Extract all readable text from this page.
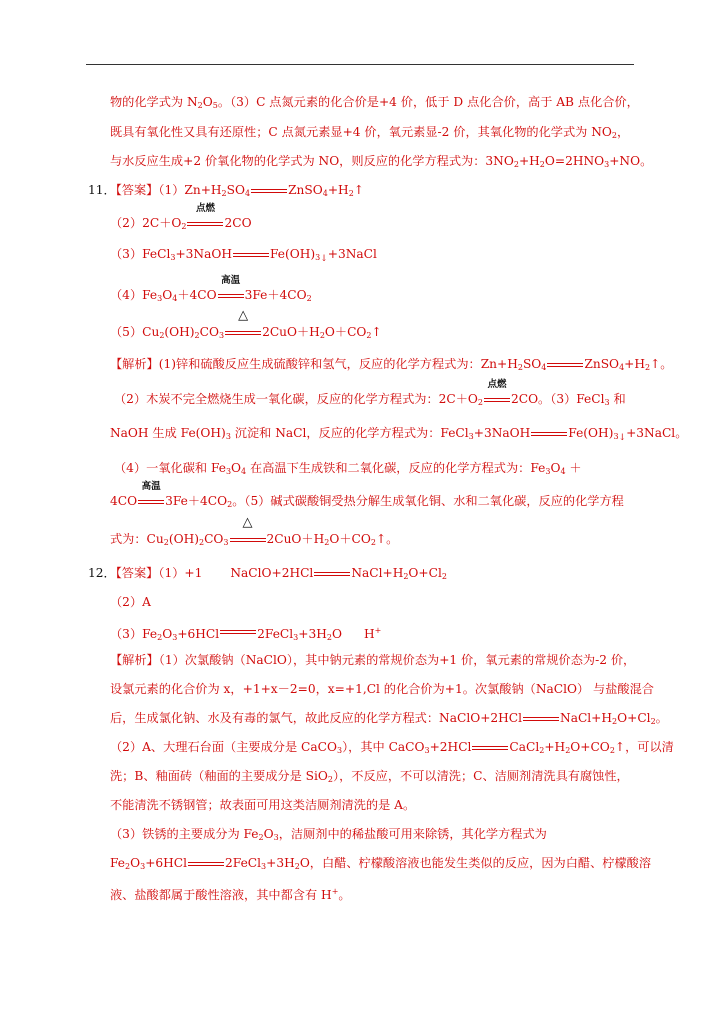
物的化学式为 $N_2O_5$。（3）C 点氮元素的化合价是+4 价，低于 D 点化合价，高于 AB 点化合价，
既具有氧化性又具有还原性；C 点氮元素显+4 价，氧元素显-2 价，其氧化物的化学式为 $NO_2$，
与水反应生成+2 价氧化物的化学式为 NO，则反应的化学方程式为：$3NO_2+H_2O=2HNO_3+NO$。
11．【答案】$(1)Zn+H_2SO_4$	$ZnSO_4+H_2↑$
$(2)2C+O_2$
点燃
2CO
（3）FeCl$_3$+3NaOH	$Fe(OH)_{3↓}+3NaCl$
$(4)Fe_3O_4+4CO$
高温
$3Fe+4CO_2$
$(5)Cu_2(OH)_2CO_3$
△
$2CuO+H_2O+CO_2↑$
【解析】(1)锌和硫酸反应生成硫酸锌和氢气，反应的化学方程式为：$Zn+H_2SO_4$	$ZnSO_4+H_2↑$。
（2）木炭不完全燃烧生成一氧化碳，反应的化学方程式为：$2C+O_2$
点燃
2CO。（3）FeCl$_3$ 和
NaOH 生成 $Fe(OH)_3$ 沉淀和 NaCl，反应的化学方程式为：FeCl$_3$+3NaOH	$Fe(OH)_{3↓}+3NaCl$。
（4）一氧化碳和 $Fe_3O_4$ 在高温下生成铁和二氧化碳，反应的化学方程式为：$Fe_3O_4$ ＋
4CO
高温
$3Fe+4CO_2$。（5）碱式碳酸铜受热分解生成氧化铜、水和二氧化碳，反应的化学方程
式为：$Cu_2(OH)_2CO_3$
△
$2CuO+H_2O+CO_2↑$。
12．【答案】（1）+1 NaClO+2HCl	$NaCl+H_2O+Cl_2$
（2）A
$(3)Fe_2O_3+6HCl$	$2FeCl_3+3H_2O$ H+
【解析】（1）次氯酸钠（NaClO），其中钠元素的常规价态为+1 价，氧元素的常规价态为-2 价，
设氯元素的化合价为 x，+1+x－2=0，x=+1,Cl 的化合价为+1。次氯酸钠（NaClO） 与盐酸混合
后，生成氯化钠、水及有毒的氯气，故此反应的化学方程式：NaClO+2HCl	$NaCl+H_2O+Cl_2$。
（2）A、大理石台面（主要成分是 CaCO$_3$），其中 CaCO$_3$+2HCl	$CaCl_2+H_2O+CO_2↑$，可以清
洗；B、釉面砖（釉面的主要成分是 SiO$_2$），不反应，不可以清洗；C、洁厕剂清洗具有腐蚀性，
不能清洗不锈钢管；故表面可用这类洁厕剂清洗的是 A。
（3）铁锈的主要成分为 $Fe_2O_3$，洁厕剂中的稀盐酸可用来除锈，其化学方程式为
$Fe_2O_3+6HCl$	$2FeCl_3+3H_2O$，白醋、柠檬酸溶液也能发生类似的反应，因为白醋、柠檬酸溶
液、盐酸都属于酸性溶液，其中都含有 H+。
